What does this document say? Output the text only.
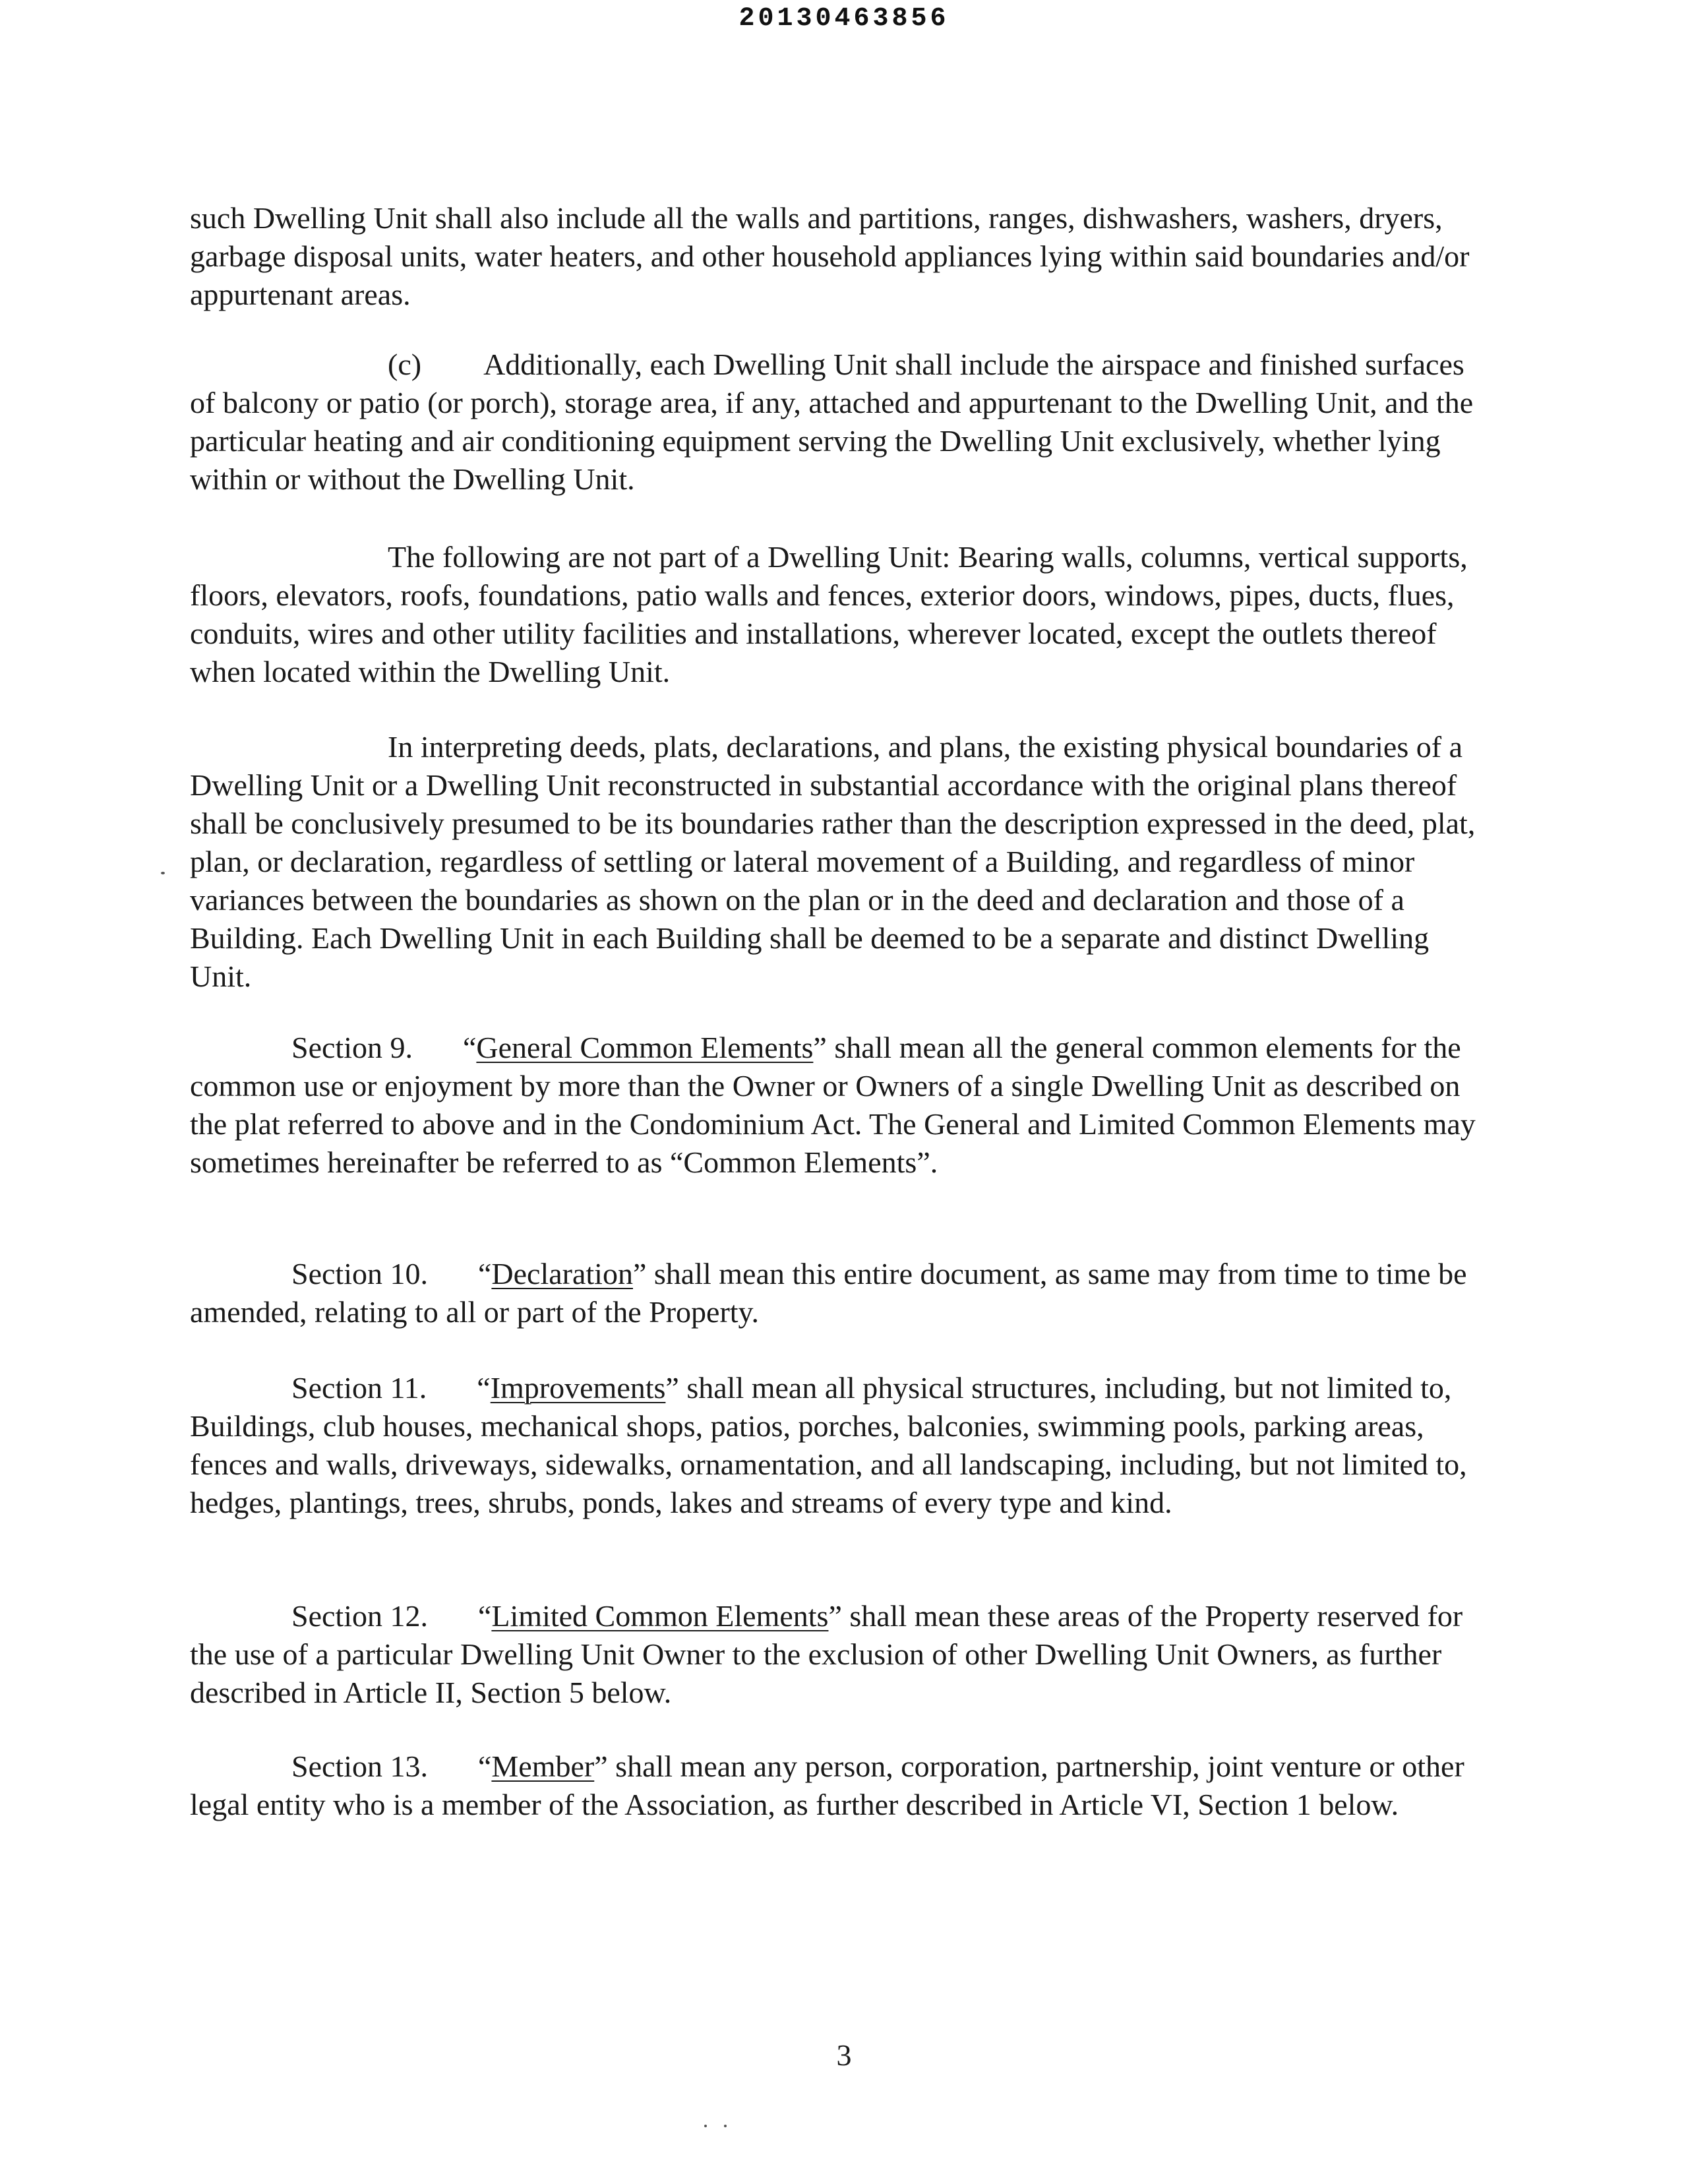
20130463856

such Dwelling Unit shall also include all the walls and partitions, ranges, dishwashers, washers, dryers, garbage disposal units, water heaters, and other household appliances lying within said boundaries and/or appurtenant areas.

(c) Additionally, each Dwelling Unit shall include the airspace and finished surfaces of balcony or patio (or porch), storage area, if any, attached and appurtenant to the Dwelling Unit, and the particular heating and air conditioning equipment serving the Dwelling Unit exclusively, whether lying within or without the Dwelling Unit.

The following are not part of a Dwelling Unit: Bearing walls, columns, vertical supports, floors, elevators, roofs, foundations, patio walls and fences, exterior doors, windows, pipes, ducts, flues, conduits, wires and other utility facilities and installations, wherever located, except the outlets thereof when located within the Dwelling Unit.

In interpreting deeds, plats, declarations, and plans, the existing physical boundaries of a Dwelling Unit or a Dwelling Unit reconstructed in substantial accordance with the original plans thereof shall be conclusively presumed to be its boundaries rather than the description expressed in the deed, plat, plan, or declaration, regardless of settling or lateral movement of a Building, and regardless of minor variances between the boundaries as shown on the plan or in the deed and declaration and those of a Building. Each Dwelling Unit in each Building shall be deemed to be a separate and distinct Dwelling Unit.

Section 9. “General Common Elements” shall mean all the general common elements for the common use or enjoyment by more than the Owner or Owners of a single Dwelling Unit as described on the plat referred to above and in the Condominium Act. The General and Limited Common Elements may sometimes hereinafter be referred to as “Common Elements”.

Section 10. “Declaration” shall mean this entire document, as same may from time to time be amended, relating to all or part of the Property.

Section 11. “Improvements” shall mean all physical structures, including, but not limited to, Buildings, club houses, mechanical shops, patios, porches, balconies, swimming pools, parking areas, fences and walls, driveways, sidewalks, ornamentation, and all landscaping, including, but not limited to, hedges, plantings, trees, shrubs, ponds, lakes and streams of every type and kind.

Section 12. “Limited Common Elements” shall mean these areas of the Property reserved for the use of a particular Dwelling Unit Owner to the exclusion of other Dwelling Unit Owners, as further described in Article II, Section 5 below.

Section 13. “Member” shall mean any person, corporation, partnership, joint venture or other legal entity who is a member of the Association, as further described in Article VI, Section 1 below.

3
